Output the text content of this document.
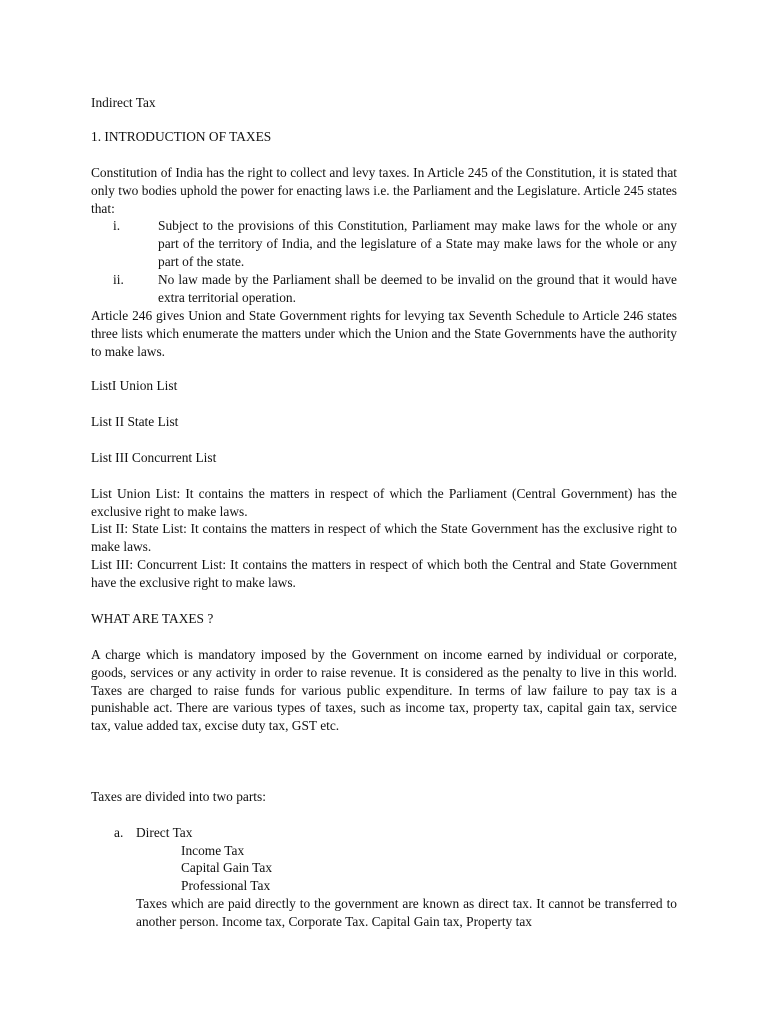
Indirect Tax
1. INTRODUCTION OF TAXES
Constitution of India has the right to collect and levy taxes. In Article 245 of the Constitution, it is stated that only two bodies uphold the power for enacting laws i.e. the Parliament and the Legislature. Article 245 states that:
i.	Subject to the provisions of this Constitution, Parliament may make laws for the whole or any part of the territory of India, and the legislature of a State may make laws for the whole or any part of the state.
ii.	No law made by the Parliament shall be deemed to be invalid on the ground that it would have extra territorial operation.
Article 246 gives Union and State Government rights for levying tax Seventh Schedule to Article 246 states three lists which enumerate the matters under which the Union and the State Governments have the authority to make laws.
ListI Union List
List II State List
List III Concurrent List
List Union List: It contains the matters in respect of which the Parliament (Central Government) has the exclusive right to make laws.
List II: State List: It contains the matters in respect of which the State Government has the exclusive right to make laws.
List III: Concurrent List: It contains the matters in respect of which both the Central and State Government have the exclusive right to make laws.
WHAT ARE TAXES ?
A charge which is mandatory imposed by the Government on income earned by individual or corporate, goods, services or any activity in order to raise revenue. It is considered as the penalty to live in this world. Taxes are charged to raise funds for various public expenditure. In terms of law failure to pay tax is a punishable act. There are various types of taxes, such as income tax, property tax, capital gain tax, service tax, value added tax, excise duty tax, GST etc.
Taxes are divided into two parts:
a. Direct Tax
Income Tax
Capital Gain Tax
Professional Tax
Taxes which are paid directly to the government are known as direct tax. It cannot be transferred to another person. Income tax, Corporate Tax. Capital Gain tax, Property tax
